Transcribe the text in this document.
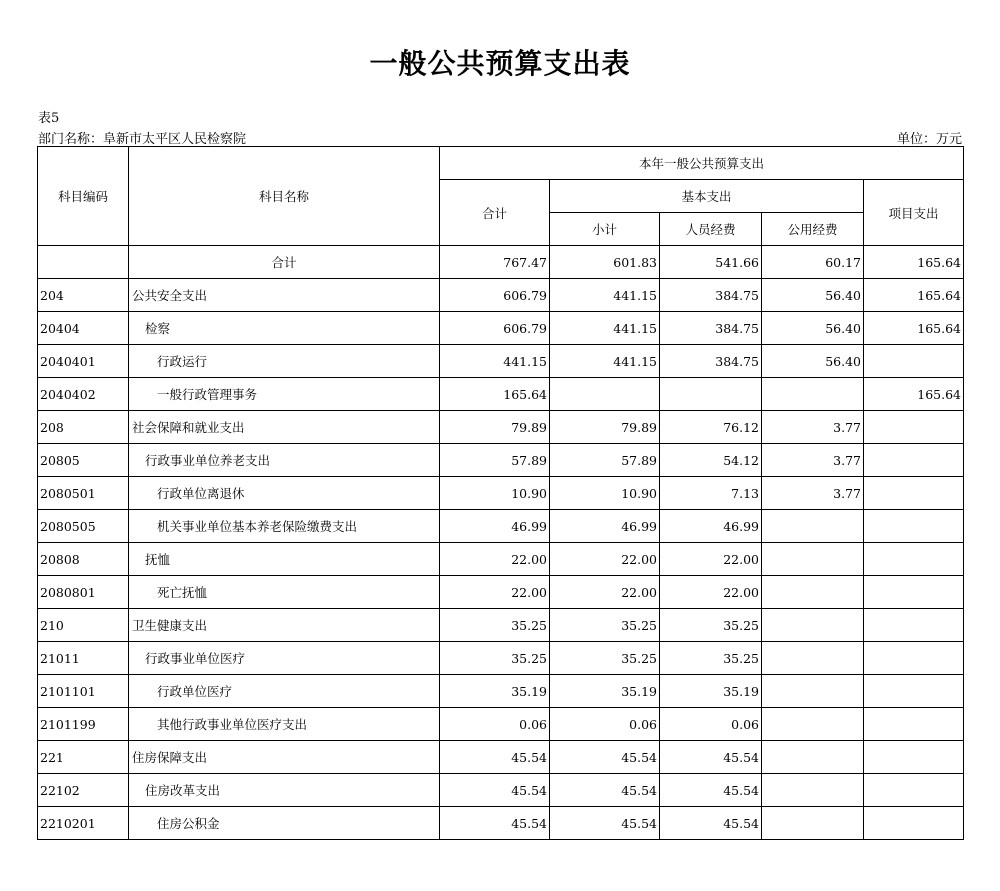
一般公共预算支出表
表5
部门名称：阜新市太平区人民检察院	单位：万元
科目编码	科目名称	本年一般公共预算支出				
		合计	基本支出			项目支出
			小计	人员经费	公用经费	
	合计	767.47	601.83	541.66	60.17	165.64
204	公共安全支出	606.79	441.15	384.75	56.40	165.64
20404	检察	606.79	441.15	384.75	56.40	165.64
2040401	行政运行	441.15	441.15	384.75	56.40	
2040402	一般行政管理事务	165.64				165.64
208	社会保障和就业支出	79.89	79.89	76.12	3.77	
20805	行政事业单位养老支出	57.89	57.89	54.12	3.77	
2080501	行政单位离退休	10.90	10.90	7.13	3.77	
2080505	机关事业单位基本养老保险缴费支出	46.99	46.99	46.99		
20808	抚恤	22.00	22.00	22.00		
2080801	死亡抚恤	22.00	22.00	22.00		
210	卫生健康支出	35.25	35.25	35.25		
21011	行政事业单位医疗	35.25	35.25	35.25		
2101101	行政单位医疗	35.19	35.19	35.19		
2101199	其他行政事业单位医疗支出	0.06	0.06	0.06		
221	住房保障支出	45.54	45.54	45.54		
22102	住房改革支出	45.54	45.54	45.54		
2210201	住房公积金	45.54	45.54	45.54		
